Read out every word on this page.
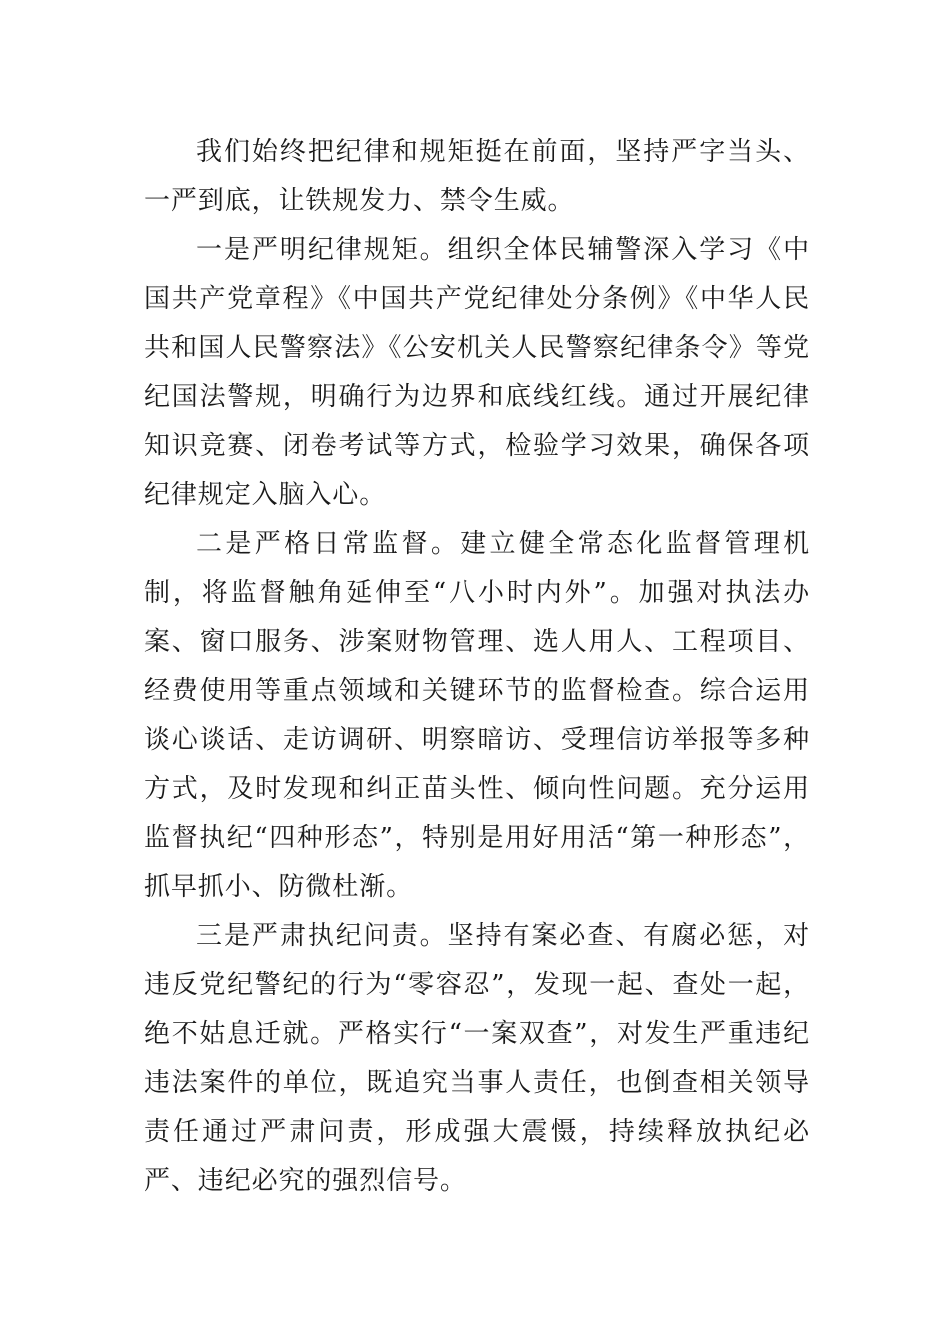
我们始终把纪律和规矩挺在前面，坚持严字当头、一严到底，让铁规发力、禁令生威。

一是严明纪律规矩。组织全体民辅警深入学习《中国共产党章程》《中国共产党纪律处分条例》《中华人民共和国人民警察法》《公安机关人民警察纪律条令》等党纪国法警规，明确行为边界和底线红线。通过开展纪律知识竞赛、闭卷考试等方式，检验学习效果，确保各项纪律规定入脑入心。

二是严格日常监督。建立健全常态化监督管理机制，将监督触角延伸至“八小时内外”。加强对执法办案、窗口服务、涉案财物管理、选人用人、工程项目、经费使用等重点领域和关键环节的监督检查。综合运用谈心谈话、走访调研、明察暗访、受理信访举报等多种方式，及时发现和纠正苗头性、倾向性问题。充分运用监督执纪“四种形态”，特别是用好用活“第一种形态”，抓早抓小、防微杜渐。

三是严肃执纪问责。坚持有案必查、有腐必惩，对违反党纪警纪的行为“零容忍”，发现一起、查处一起，绝不姑息迁就。严格实行“一案双查”，对发生严重违纪违法案件的单位，既追究当事人责任，也倒查相关领导责任通过严肃问责，形成强大震慑，持续释放执纪必严、违纪必究的强烈信号。
